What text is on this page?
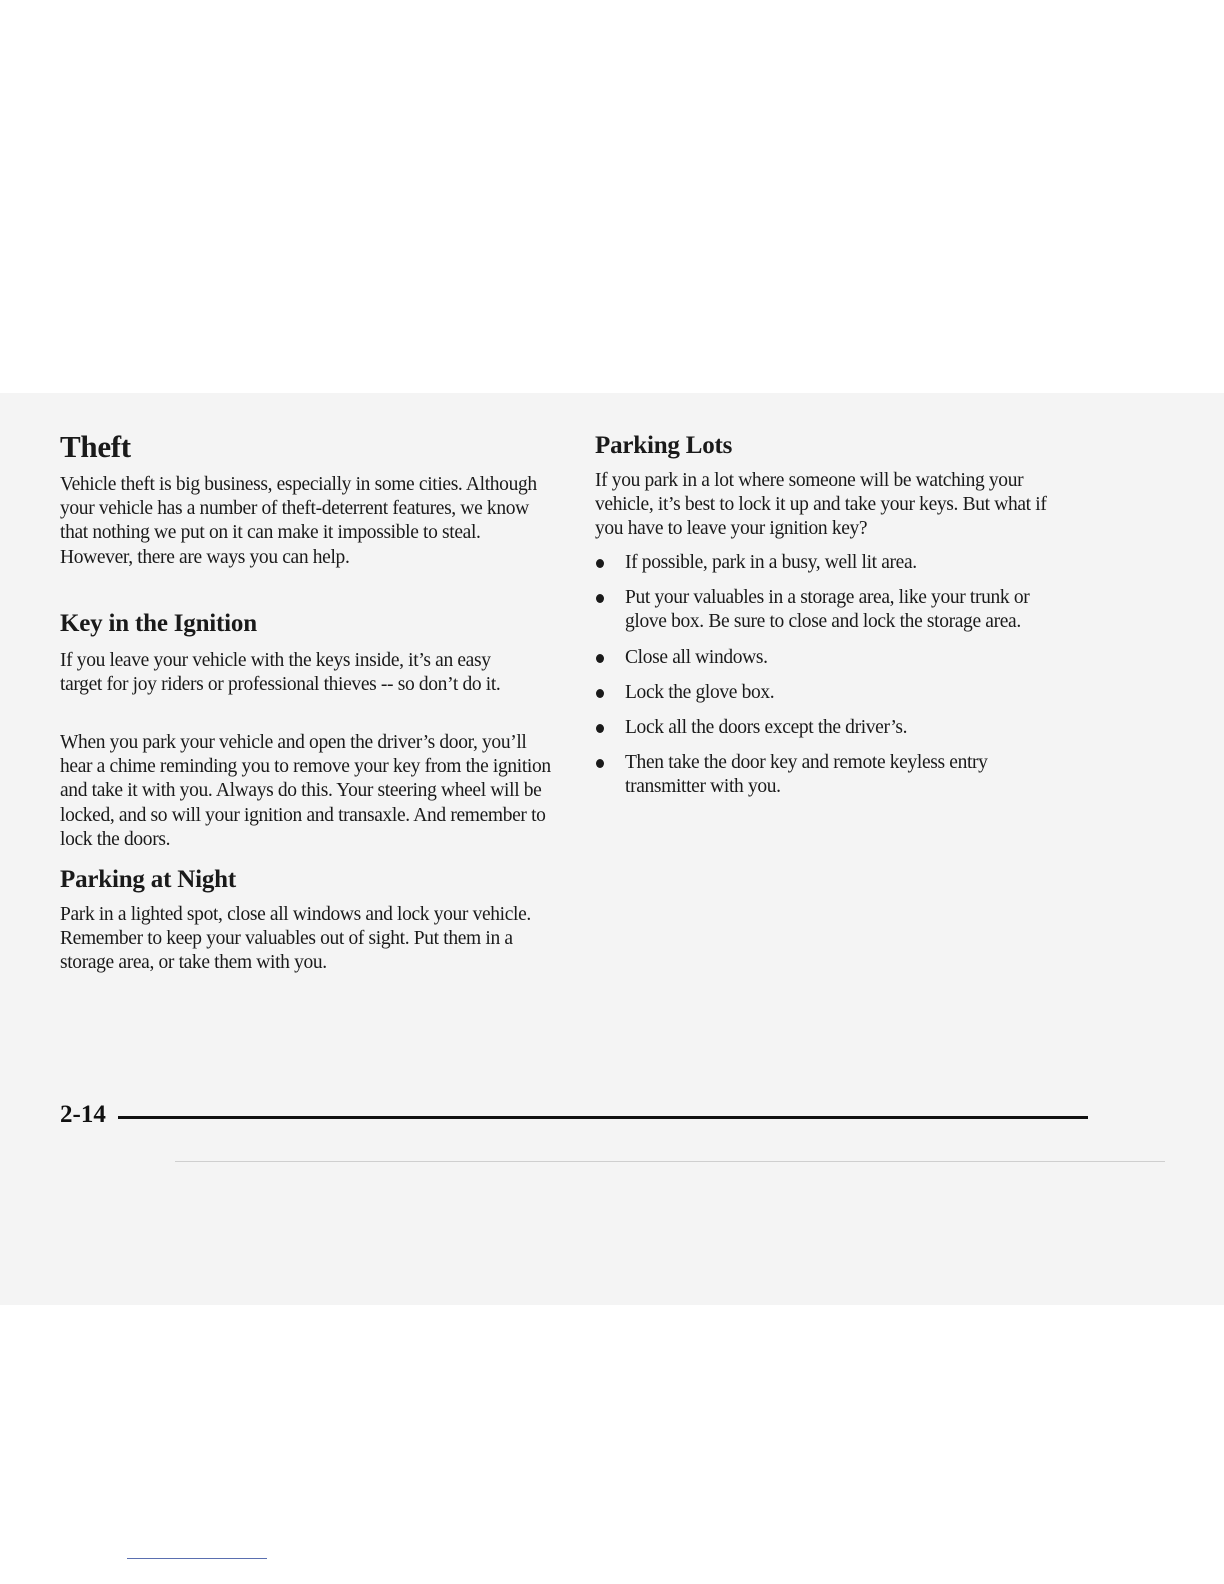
Theft

Vehicle theft is big business, especially in some cities. Although your vehicle has a number of theft-deterrent features, we know that nothing we put on it can make it impossible to steal. However, there are ways you can help.

Key in the Ignition

If you leave your vehicle with the keys inside, it’s an easy target for joy riders or professional thieves -- so don’t do it.

When you park your vehicle and open the driver’s door, you’ll hear a chime reminding you to remove your key from the ignition and take it with you. Always do this. Your steering wheel will be locked, and so will your ignition and transaxle. And remember to lock the doors.

Parking at Night

Park in a lighted spot, close all windows and lock your vehicle. Remember to keep your valuables out of sight. Put them in a storage area, or take them with you.

Parking Lots

If you park in a lot where someone will be watching your vehicle, it’s best to lock it up and take your keys. But what if you have to leave your ignition key?

If possible, park in a busy, well lit area.
Put your valuables in a storage area, like your trunk or glove box. Be sure to close and lock the storage area.
Close all windows.
Lock the glove box.
Lock all the doors except the driver’s.
Then take the door key and remote keyless entry transmitter with you.
2-14
